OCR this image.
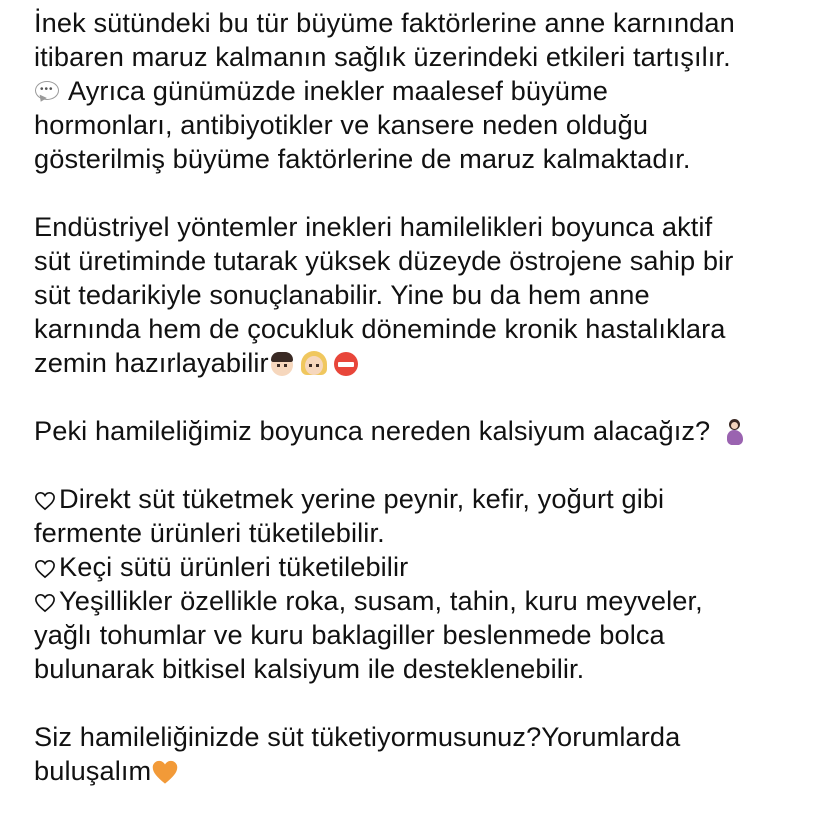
İnek sütündeki bu tür büyüme faktörlerine anne karnından
itibaren maruz kalmanın sağlık üzerindeki etkileri tartışılır.
••• Ayrıca günümüzde inekler maalesef büyüme
hormonları, antibiyotikler ve kansere neden olduğu
gösterilmiş büyüme faktörlerine de maruz kalmaktadır.
Endüstriyel yöntemler inekleri hamilelikleri boyunca aktif
süt üretiminde tutarak yüksek düzeyde östrojene sahip bir
süt tedarikiyle sonuçlanabilir. Yine bu da hem anne
karnında hem de çocukluk döneminde kronik hastalıklara
zemin hazırlayabilir
Peki hamileliğimiz boyunca nereden kalsiyum alacağız?
Direkt süt tüketmek yerine peynir, kefir, yoğurt gibi
fermente ürünleri tüketilebilir.
Keçi sütü ürünleri tüketilebilir
Yeşillikler özellikle roka, susam, tahin, kuru meyveler,
yağlı tohumlar ve kuru baklagiller beslenmede bolca
bulunarak bitkisel kalsiyum ile desteklenebilir.
Siz hamileliğinizde süt tüketiyormusunuz?Yorumlarda
buluşalım
